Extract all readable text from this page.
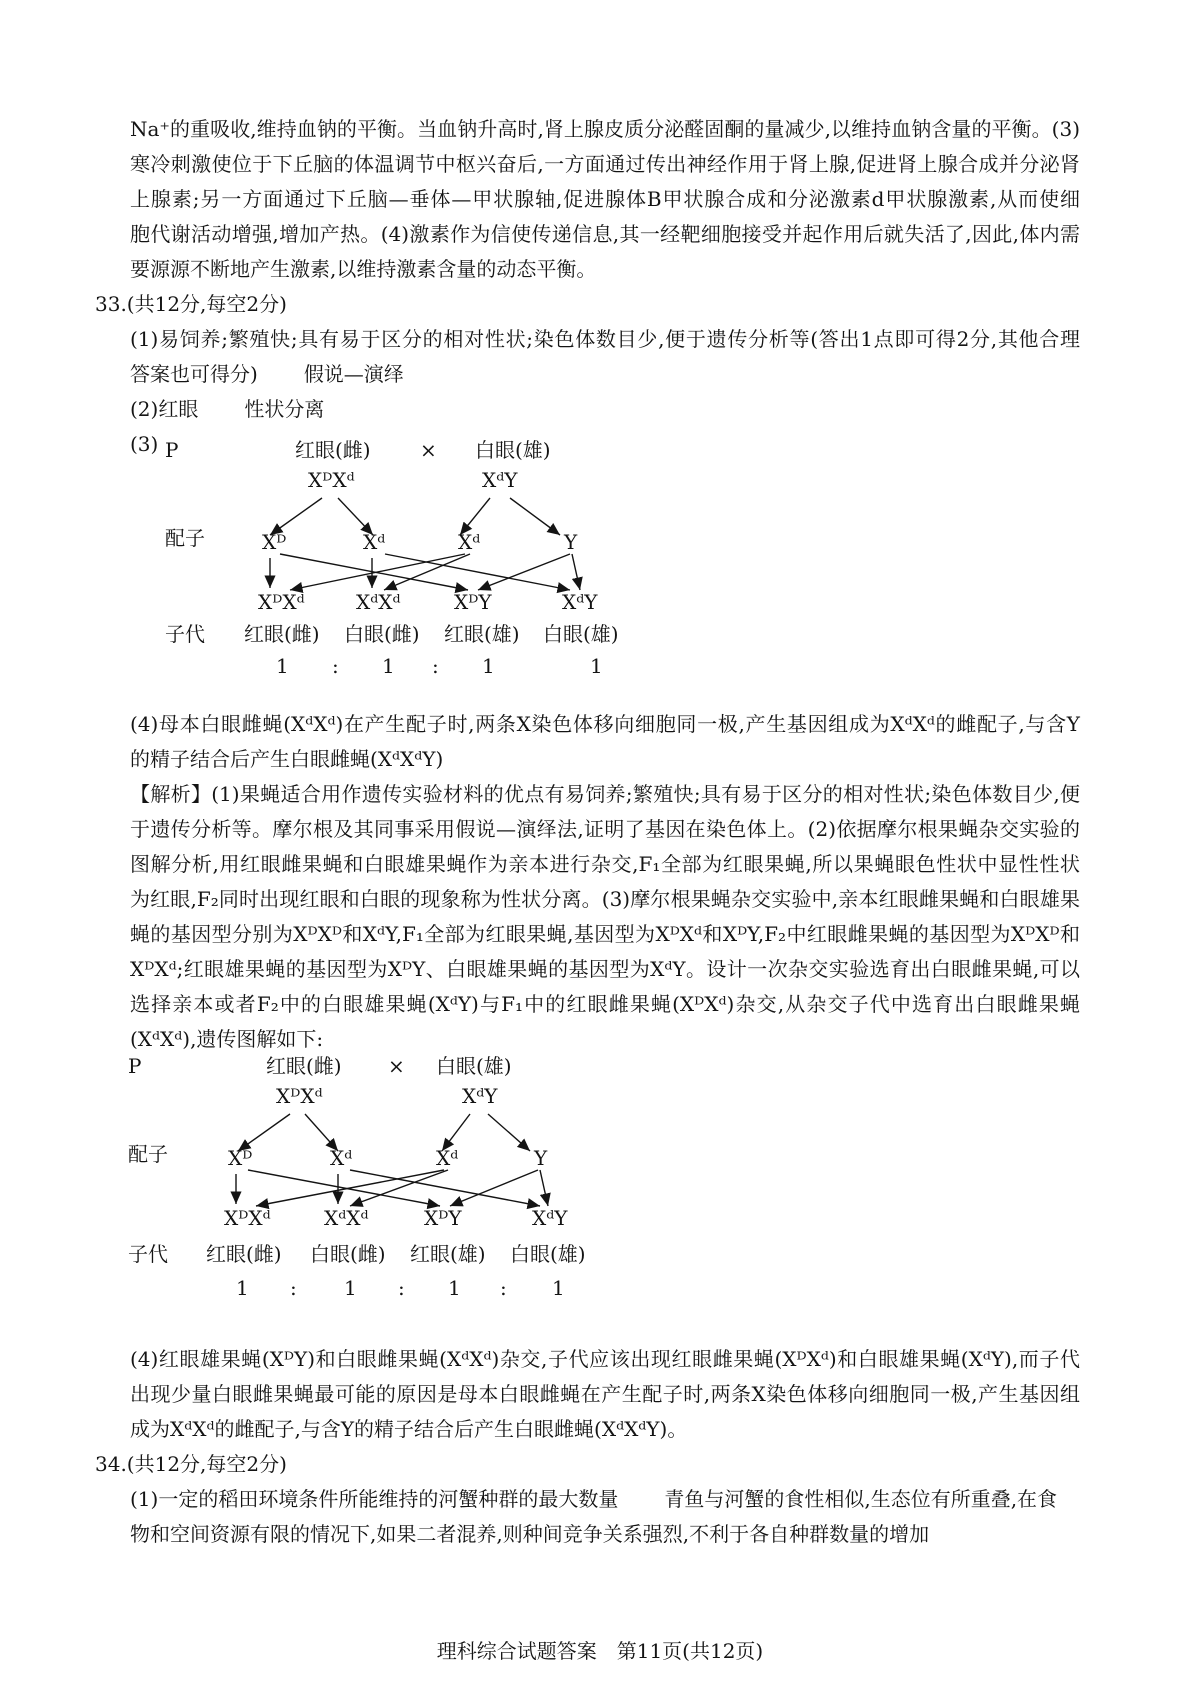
Na⁺的重吸收,维持血钠的平衡。当血钠升高时,肾上腺皮质分泌醛固酮的量减少,以维持血钠含量的平衡。(3)
寒冷刺激使位于下丘脑的体温调节中枢兴奋后,一方面通过传出神经作用于肾上腺,促进肾上腺合成并分泌肾
上腺素;另一方面通过下丘脑—垂体—甲状腺轴,促进腺体B甲状腺合成和分泌激素d甲状腺激素,从而使细
胞代谢活动增强,增加产热。(4)激素作为信使传递信息,其一经靶细胞接受并起作用后就失活了,因此,体内需
要源源不断地产生激素,以维持激素含量的动态平衡。
33.(共12分,每空2分)
(1)易饲养;繁殖快;具有易于区分的相对性状;染色体数目少,便于遗传分析等(答出1点即可得2分,其他合理
答案也可得分) 假说—演绎
(2)红眼 性状分离
(3) P	红眼(雌) × 白眼(雄)
XᴰXᵈ	XᵈY
配子	Xᴰ	Xᵈ	Xᵈ	Y
XᴰXᵈ	XᵈXᵈ	XᴰY	XᵈY
子代 红眼(雌) 白眼(雌) 红眼(雄) 白眼(雄)
1 : 1 : 1	1
(4)母本白眼雌蝇(XᵈXᵈ)在产生配子时,两条X染色体移向细胞同一极,产生基因组成为XᵈXᵈ的雌配子,与含Y
的精子结合后产生白眼雌蝇(XᵈXᵈY)
【解析】(1)果蝇适合用作遗传实验材料的优点有易饲养;繁殖快;具有易于区分的相对性状;染色体数目少,便
于遗传分析等。摩尔根及其同事采用假说—演绎法,证明了基因在染色体上。(2)依据摩尔根果蝇杂交实验的
图解分析,用红眼雌果蝇和白眼雄果蝇作为亲本进行杂交,F₁全部为红眼果蝇,所以果蝇眼色性状中显性性状
为红眼,F₂同时出现红眼和白眼的现象称为性状分离。(3)摩尔根果蝇杂交实验中,亲本红眼雌果蝇和白眼雄果
蝇的基因型分别为XᴰXᴰ和XᵈY,F₁全部为红眼果蝇,基因型为XᴰXᵈ和XᴰY,F₂中红眼雌果蝇的基因型为XᴰXᴰ和
XᴰXᵈ;红眼雄果蝇的基因型为XᴰY、白眼雄果蝇的基因型为XᵈY。设计一次杂交实验选育出白眼雌果蝇,可以
选择亲本或者F₂中的白眼雄果蝇(XᵈY)与F₁中的红眼雌果蝇(XᴰXᵈ)杂交,从杂交子代中选育出白眼雌果蝇
(XᵈXᵈ),遗传图解如下:
P	红眼(雌) × 白眼(雄)
XᴰXᵈ	XᵈY
配子	Xᴰ	Xᵈ	Xᵈ	Y
XᴰXᵈ	XᵈXᵈ	XᴰY	XᵈY
子代 红眼(雌) 白眼(雌) 红眼(雄) 白眼(雄)
1 : 1 : 1 : 1
(4)红眼雄果蝇(XᴰY)和白眼雌果蝇(XᵈXᵈ)杂交,子代应该出现红眼雌果蝇(XᴰXᵈ)和白眼雄果蝇(XᵈY),而子代
出现少量白眼雌果蝇最可能的原因是母本白眼雌蝇在产生配子时,两条X染色体移向细胞同一极,产生基因组
成为XᵈXᵈ的雌配子,与含Y的精子结合后产生白眼雌蝇(XᵈXᵈY)。
34.(共12分,每空2分)
(1)一定的稻田环境条件所能维持的河蟹种群的最大数量 青鱼与河蟹的食性相似,生态位有所重叠,在食
物和空间资源有限的情况下,如果二者混养,则种间竞争关系强烈,不利于各自种群数量的增加
理科综合试题答案　第11页(共12页)
